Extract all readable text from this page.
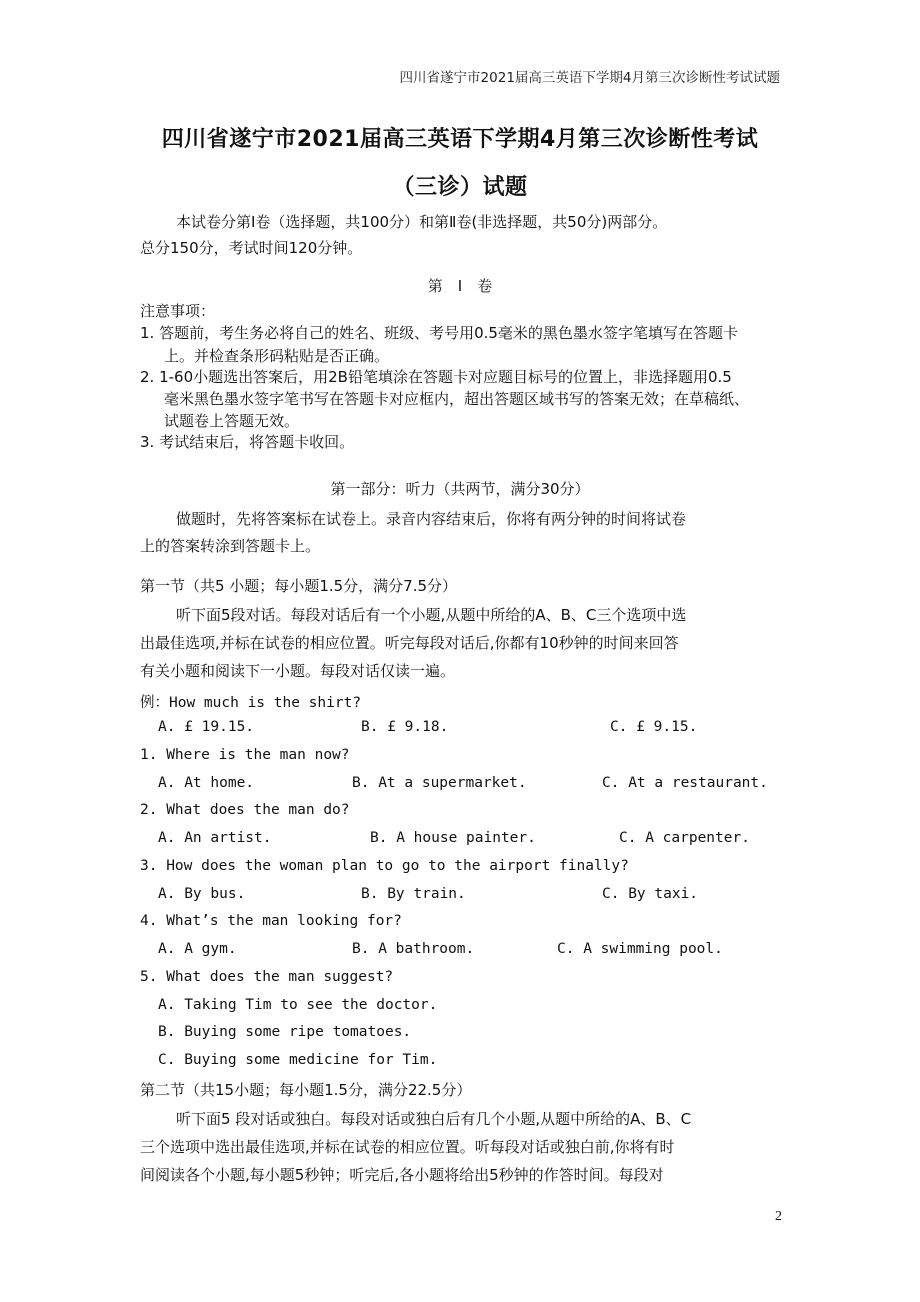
四川省遂宁市2021届高三英语下学期4月第三次诊断性考试试题
四川省遂宁市2021届高三英语下学期4月第三次诊断性考试
（三诊）试题
本试卷分第Ⅰ卷（选择题，共100分）和第Ⅱ卷(非选择题，共50分)两部分。
总分150分，考试时间120分钟。
第　Ⅰ　卷
注意事项：
1. 答题前，考生务必将自己的姓名、班级、考号用0.5毫米的黑色墨水签字笔填写在答题卡
上。并检查条形码粘贴是否正确。
2. 1-60小题选出答案后，用2B铅笔填涂在答题卡对应题目标号的位置上，非选择题用0.5
毫米黑色墨水签字笔书写在答题卡对应框内，超出答题区域书写的答案无效；在草稿纸、
试题卷上答题无效。
3. 考试结束后，将答题卡收回。
第一部分：听力（共两节，满分30分）
做题时，先将答案标在试卷上。录音内容结束后，你将有两分钟的时间将试卷
上的答案转涂到答题卡上。
第一节（共5 小题；每小题1.5分，满分7.5分）
听下面5段对话。每段对话后有一个小题,从题中所给的A、B、C三个选项中选
出最佳选项,并标在试卷的相应位置。听完每段对话后,你都有10秒钟的时间来回答
有关小题和阅读下一小题。每段对话仅读一遍。
例：How much is the shirt?
A. £ 19.15.	B. £ 9.18.	C. £ 9.15.
1. Where is the man now?
A. At home.	B. At a supermarket.	C. At a restaurant.
2. What does the man do?
A. An artist.	B. A house painter.	C. A carpenter.
3. How does the woman plan to go to the airport finally?
A. By bus.	B. By train.	C. By taxi.
4. What’s the man looking for?
A. A gym.	B. A bathroom.	C. A swimming pool.
5. What does the man suggest?
A. Taking Tim to see the doctor.
B. Buying some ripe tomatoes.
C. Buying some medicine for Tim.
第二节（共15小题；每小题1.5分，满分22.5分）
听下面5 段对话或独白。每段对话或独白后有几个小题,从题中所给的A、B、C
三个选项中选出最佳选项,并标在试卷的相应位置。听每段对话或独白前,你将有时
间阅读各个小题,每小题5秒钟；听完后,各小题将给出5秒钟的作答时间。每段对
2
